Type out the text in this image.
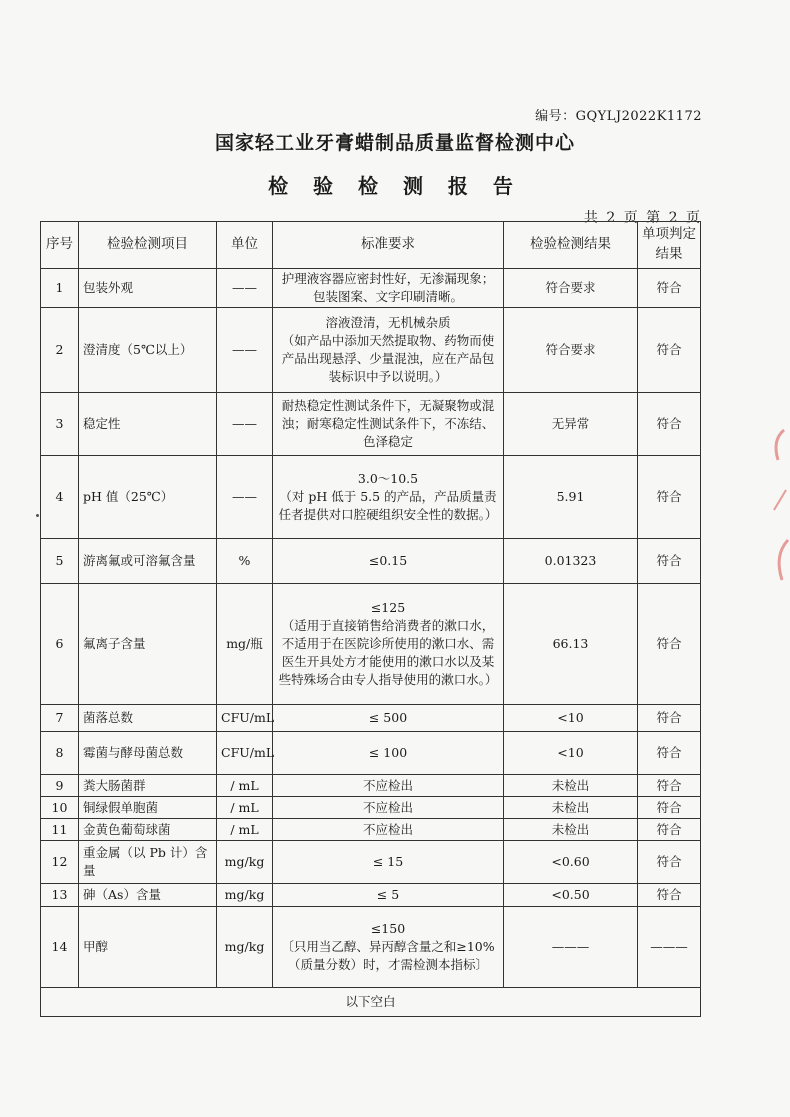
编号：GQYLJ2022K1172
国家轻工业牙膏蜡制品质量监督检测中心
检 验 检 测 报 告
共 2 页 第 2 页
序号	检验检测项目	单位	标准要求	检验检测结果	单项判定结果
1	包装外观	——	护理液容器应密封性好，无渗漏现象；包装图案、文字印刷清晰。	符合要求	符合
2	澄清度（5℃以上）	——	溶液澄清，无机械杂质
（如产品中添加天然提取物、药物而使产品出现悬浮、少量混浊，应在产品包装标识中予以说明。）	符合要求	符合
3	稳定性	——	耐热稳定性测试条件下，无凝聚物或混浊；耐寒稳定性测试条件下，不冻结、色泽稳定	无异常	符合
4	pH 值（25℃）	——	3.0～10.5
（对 pH 低于 5.5 的产品，产品质量责任者提供对口腔硬组织安全性的数据。）	5.91	符合
5	游离氟或可溶氟含量	%	≤0.15	0.01323	符合
6	氟离子含量	mg/瓶	≤125
（适用于直接销售给消费者的漱口水，不适用于在医院诊所使用的漱口水、需医生开具处方才能使用的漱口水以及某些特殊场合由专人指导使用的漱口水。）	66.13	符合
7	菌落总数	CFU/mL	≤ 500	<10	符合
8	霉菌与酵母菌总数	CFU/mL	≤ 100	<10	符合
9	粪大肠菌群	/ mL	不应检出	未检出	符合
10	铜绿假单胞菌	/ mL	不应检出	未检出	符合
11	金黄色葡萄球菌	/ mL	不应检出	未检出	符合
12	重金属（以 Pb 计）含量	mg/kg	≤ 15	<0.60	符合
13	砷（As）含量	mg/kg	≤ 5	<0.50	符合
14	甲醇	mg/kg	≤150
〔只用当乙醇、异丙醇含量之和≥10%（质量分数）时，才需检测本指标〕	———	———
以下空白					
